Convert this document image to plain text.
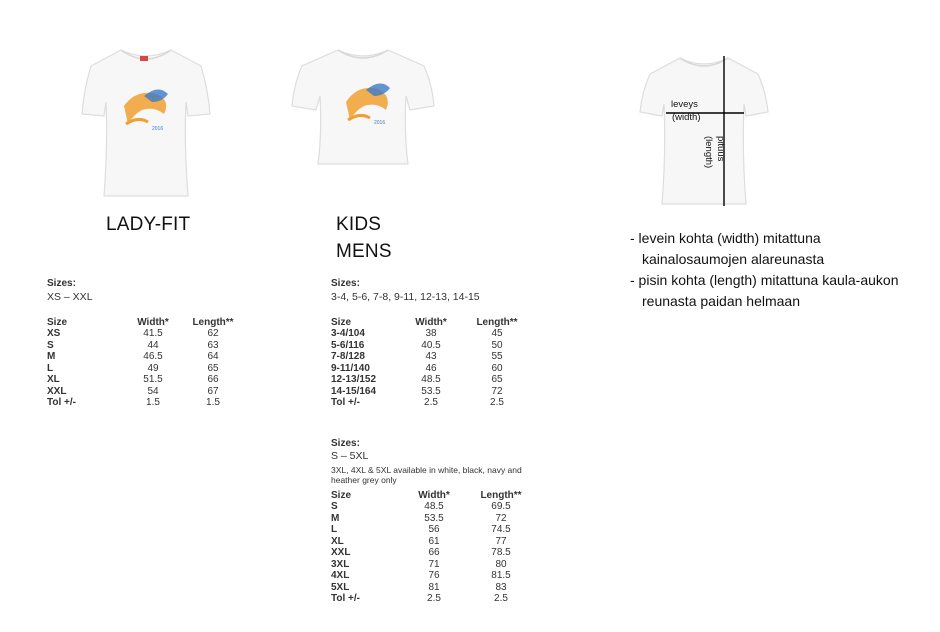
2016
2016
leveys
(width)
pituus
(length)
LADY-FIT	KIDS
MENS
- levein kohta (width) mitattuna
kainalosaumojen alareunasta
- pisin kohta (length) mitattuna kaula-aukon
reunasta paidan helmaan
Sizes:
XS – XXL
Size	Width*	Length**
XS	41.5	62
S	44	63
M	46.5	64
L	49	65
XL	51.5	66
XXL	54	67
Tol +/-	1.5	1.5
Sizes:
3-4, 5-6, 7-8, 9-11, 12-13, 14-15
Size	Width*	Length**
3-4/104	38	45
5-6/116	40.5	50
7-8/128	43	55
9-11/140	46	60
12-13/152	48.5	65
14-15/164	53.5	72
Tol +/-	2.5	2.5
Sizes:
S – 5XL
3XL, 4XL & 5XL available in white, black, navy and
heather grey only
Size	Width*	Length**
S	48.5	69.5
M	53.5	72
L	56	74.5
XL	61	77
XXL	66	78.5
3XL	71	80
4XL	76	81.5
5XL	81	83
Tol +/-	2.5	2.5
